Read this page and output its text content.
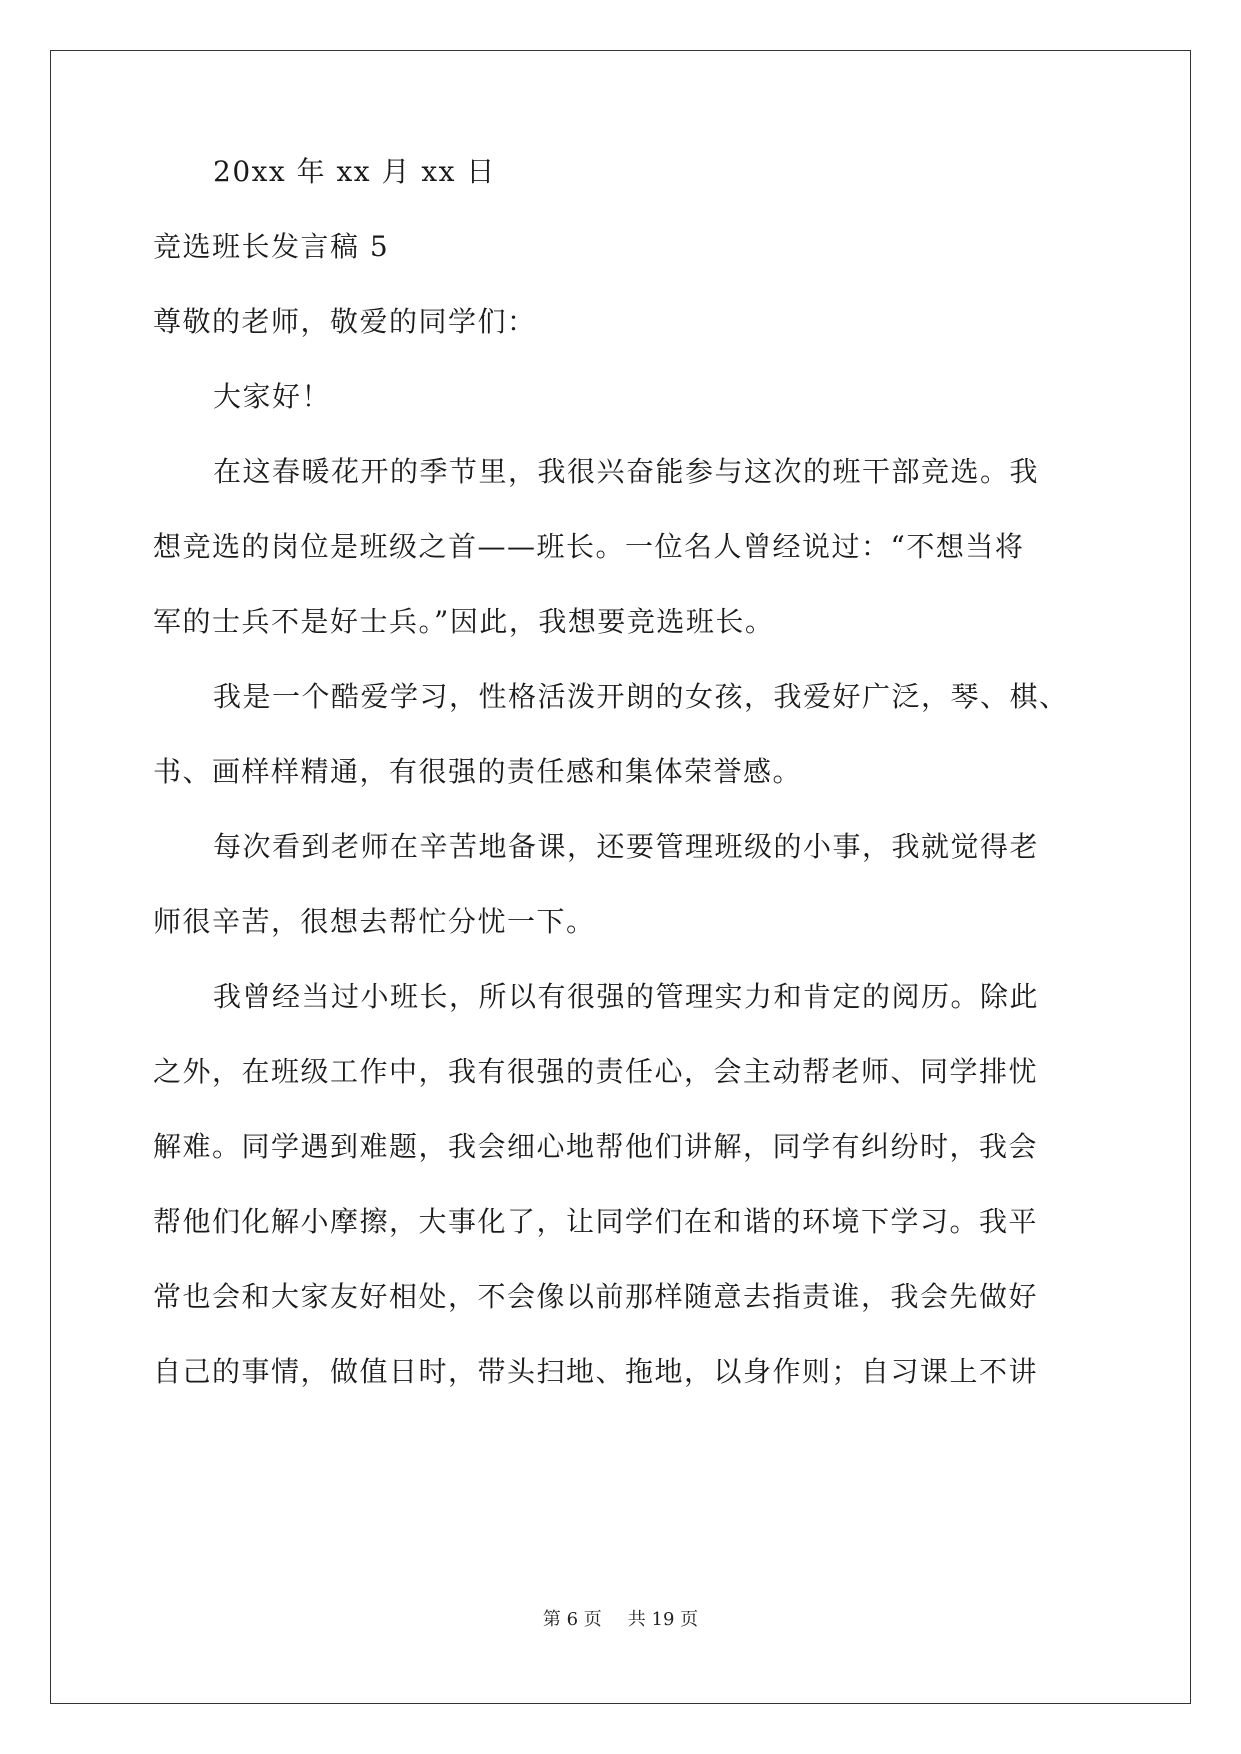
20xx 年 xx 月 xx 日

竞选班长发言稿 5

尊敬的老师，敬爱的同学们：

大家好！

在这春暖花开的季节里，我很兴奋能参与这次的班干部竞选。我

想竞选的岗位是班级之首——班长。一位名人曾经说过：“不想当将

军的士兵不是好士兵。”因此，我想要竞选班长。

我是一个酷爱学习，性格活泼开朗的女孩，我爱好广泛，琴、棋、

书、画样样精通，有很强的责任感和集体荣誉感。

每次看到老师在辛苦地备课，还要管理班级的小事，我就觉得老

师很辛苦，很想去帮忙分忧一下。

我曾经当过小班长，所以有很强的管理实力和肯定的阅历。除此

之外，在班级工作中，我有很强的责任心，会主动帮老师、同学排忧

解难。同学遇到难题，我会细心地帮他们讲解，同学有纠纷时，我会

帮他们化解小摩擦，大事化了，让同学们在和谐的环境下学习。我平

常也会和大家友好相处，不会像以前那样随意去指责谁，我会先做好

自己的事情，做值日时，带头扫地、拖地，以身作则；自习课上不讲

第 6 页 共 19 页
